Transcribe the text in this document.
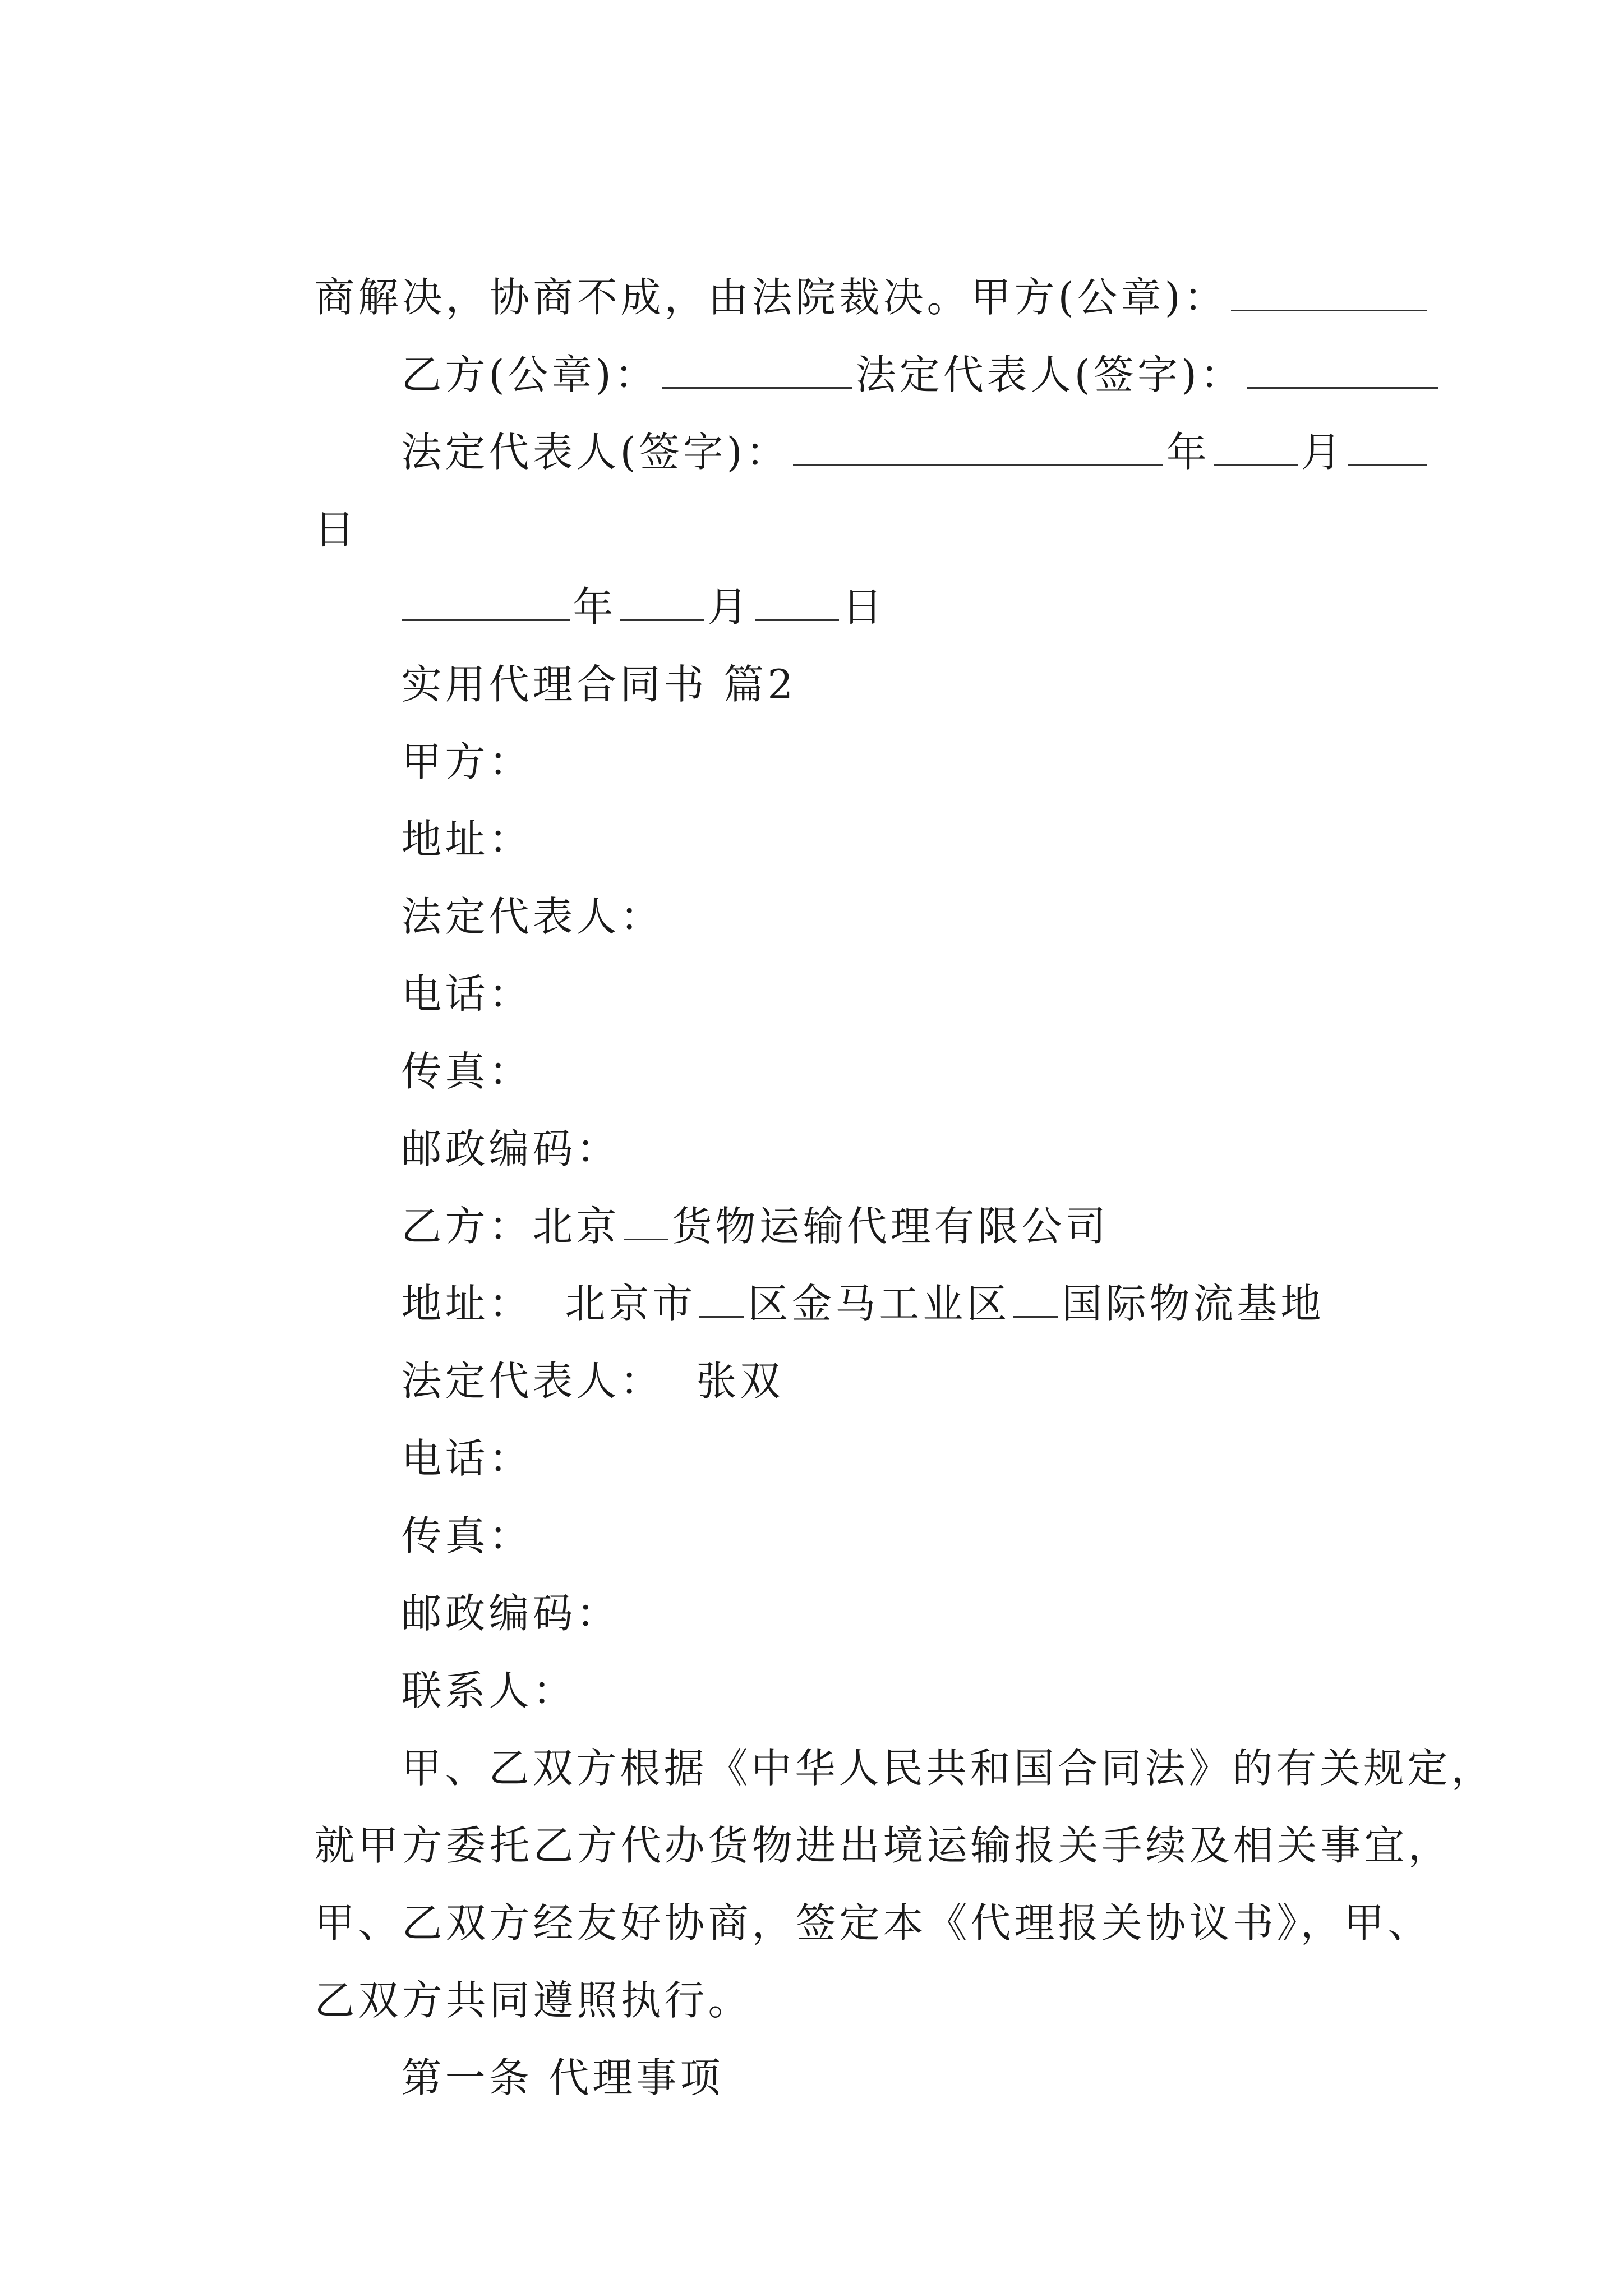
商解决，协商不成，由法院裁决。甲方(公章)：

乙方(公章)：	法定代表人(签字)：

法定代表人(签字)：	年 月

日

年 月 日

实用代理合同书 篇2

甲方：

地址：

法定代表人：

电话：

传真：

邮政编码：

乙方：北京 货物运输代理有限公司

地址：  北京市 区金马工业区 国际物流基地

法定代表人：  张双

电话：

传真：

邮政编码：

联系人：

甲、乙双方根据《中华人民共和国合同法》的有关规定，

就甲方委托乙方代办货物进出境运输报关手续及相关事宜，

甲、乙双方经友好协商，签定本《代理报关协议书》，甲、

乙双方共同遵照执行。

第一条 代理事项
